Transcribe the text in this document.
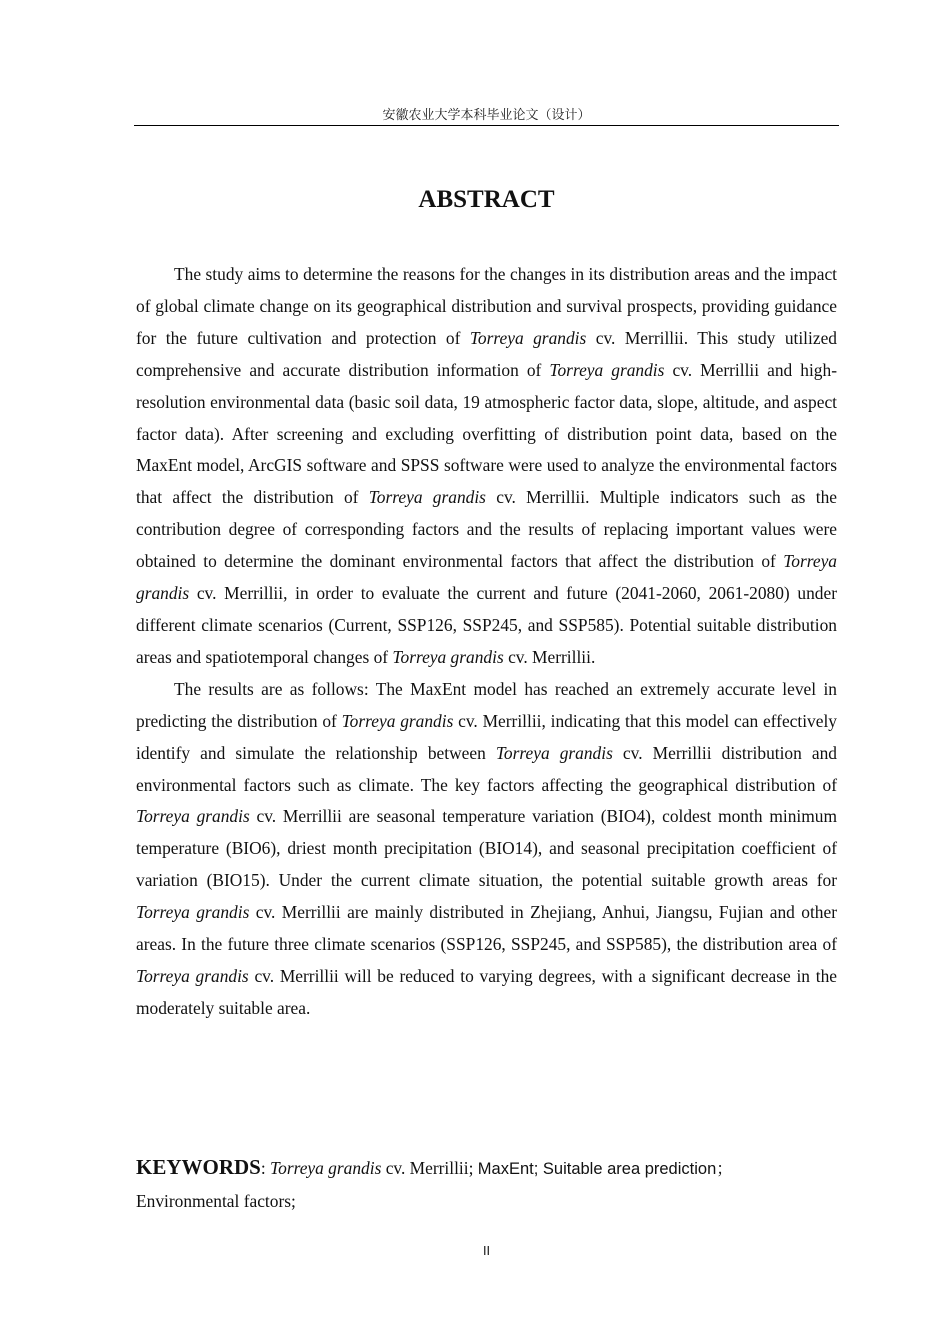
安徽农业大学本科毕业论文（设计）
ABSTRACT

The study aims to determine the reasons for the changes in its distribution areas and the impact of global climate change on its geographical distribution and survival prospects, providing guidance for the future cultivation and protection of Torreya grandis cv. Merrillii. This study utilized comprehensive and accurate distribution information of Torreya grandis cv. Merrillii and high-resolution environmental data (basic soil data, 19 atmospheric factor data, slope, altitude, and aspect factor data). After screening and excluding overfitting of distribution point data, based on the MaxEnt model, ArcGIS software and SPSS software were used to analyze the environmental factors that affect the distribution of Torreya grandis cv. Merrillii. Multiple indicators such as the contribution degree of corresponding factors and the results of replacing important values were obtained to determine the dominant environmental factors that affect the distribution of Torreya grandis cv. Merrillii, in order to evaluate the current and future (2041-2060, 2061-2080) under different climate scenarios (Current, SSP126, SSP245, and SSP585). Potential suitable distribution areas and spatiotemporal changes of Torreya grandis cv. Merrillii.

The results are as follows: The MaxEnt model has reached an extremely accurate level in predicting the distribution of Torreya grandis cv. Merrillii, indicating that this model can effectively identify and simulate the relationship between Torreya grandis cv. Merrillii distribution and environmental factors such as climate. The key factors affecting the geographical distribution of Torreya grandis cv. Merrillii are seasonal temperature variation (BIO4), coldest month minimum temperature (BIO6), driest month precipitation (BIO14), and seasonal precipitation coefficient of variation (BIO15). Under the current climate situation, the potential suitable growth areas for Torreya grandis cv. Merrillii are mainly distributed in Zhejiang, Anhui, Jiangsu, Fujian and other areas. In the future three climate scenarios (SSP126, SSP245, and SSP585), the distribution area of Torreya grandis cv. Merrillii will be reduced to varying degrees, with a significant decrease in the moderately suitable area.

KEYWORDS: Torreya grandis cv. Merrillii; MaxEnt; Suitable area prediction；
Environmental factors;
II
